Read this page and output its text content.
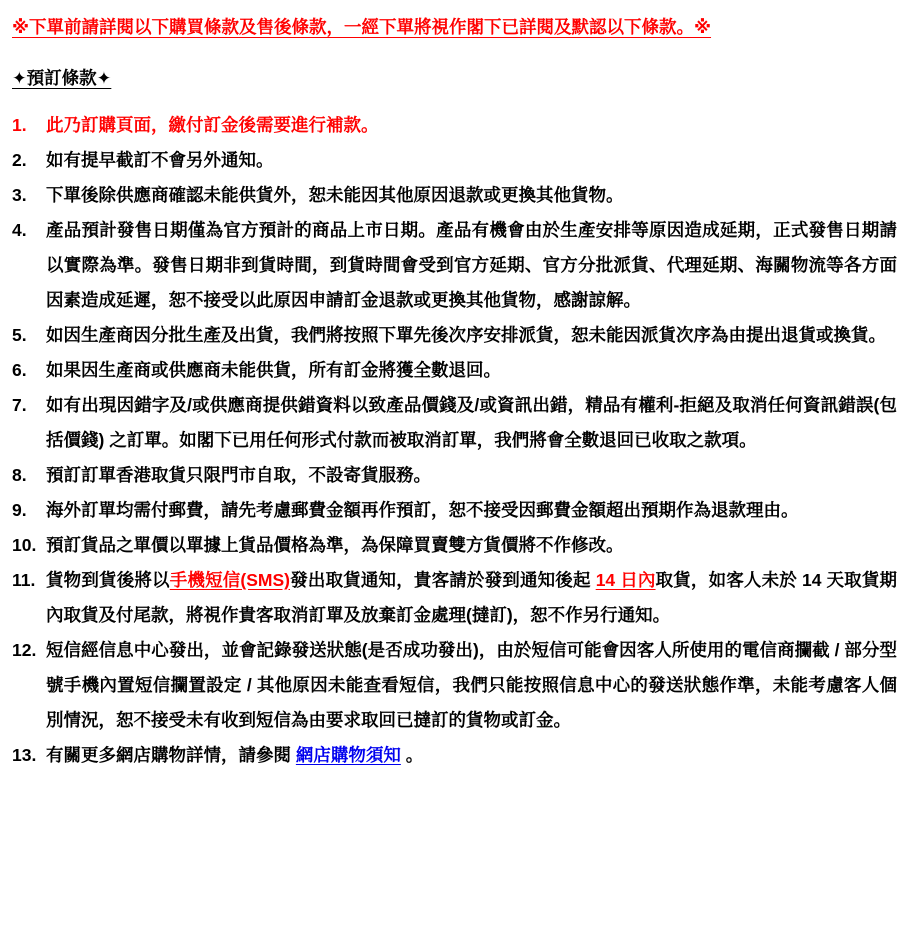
※下單前請詳閱以下購買條款及售後條款，一經下單將視作閣下已詳閱及默認以下條款。※
✦預訂條款✦
1.	此乃訂購頁面，繳付訂金後需要進行補款。
2.	如有提早截訂不會另外通知。
3.	下單後除供應商確認未能供貨外，恕未能因其他原因退款或更換其他貨物。
4.	產品預計發售日期僅為官方預計的商品上市日期。產品有機會由於生產安排等原因造成延期，正式發售日期請以實際為準。發售日期非到貨時間，到貨時間會受到官方延期、官方分批派貨、代理延期、海關物流等各方面因素造成延遲，恕不接受以此原因申請訂金退款或更換其他貨物，感謝諒解。
5.	如因生產商因分批生產及出貨，我們將按照下單先後次序安排派貨，恕未能因派貨次序為由提出退貨或換貨。
6.	如果因生產商或供應商未能供貨，所有訂金將獲全數退回。
7.	如有出現因錯字及/或供應商提供錯資料以致產品價錢及/或資訊出錯，精品有權利-拒絕及取消任何資訊錯誤(包括價錢) 之訂單。如閣下已用任何形式付款而被取消訂單，我們將會全數退回已收取之款項。
8.	預訂訂單香港取貨只限門市自取，不設寄貨服務。
9.	海外訂單均需付郵費，請先考慮郵費金額再作預訂，恕不接受因郵費金額超出預期作為退款理由。
10. 預訂貨品之單價以單據上貨品價格為準，為保障買賣雙方貨價將不作修改。
11. 貨物到貨後將以手機短信(SMS)發出取貨通知，貴客請於發到通知後起 14 日內取貨，如客人未於 14 天取貨期內取貨及付尾款，將視作貴客取消訂單及放棄訂金處理(撻訂)，恕不作另行通知。
12. 短信經信息中心發出，並會記錄發送狀態(是否成功發出)，由於短信可能會因客人所使用的電信商攔截 / 部分型號手機內置短信攔置設定 / 其他原因未能查看短信，我們只能按照信息中心的發送狀態作準，未能考慮客人個別情況，恕不接受未有收到短信為由要求取回已撻訂的貨物或訂金。
13. 有關更多網店購物詳情，請參閱 網店購物須知 。
